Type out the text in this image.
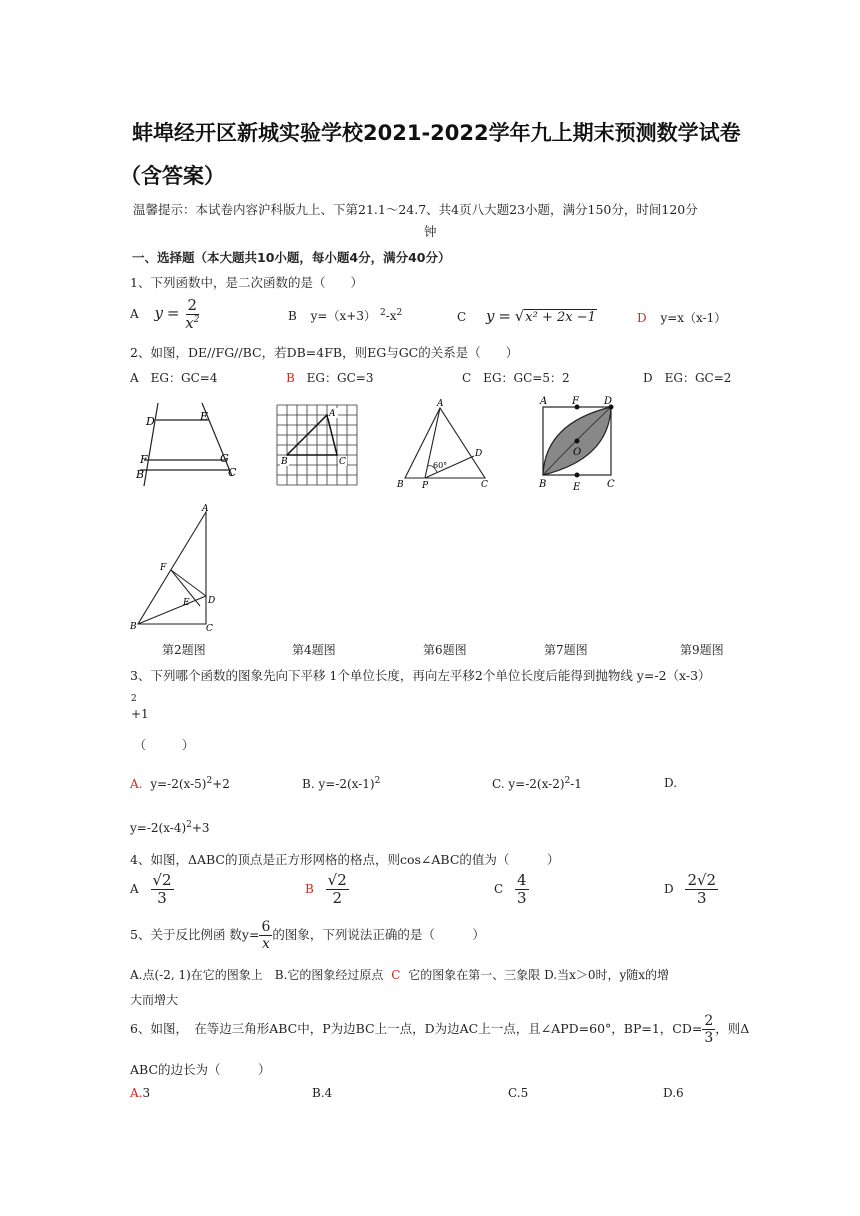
蚌埠经开区新城实验学校2021-2022学年九上期末预测数学试卷
（含答案）
温馨提示：本试卷内容沪科版九上、下第21.1～24.7、共4页八大题23小题，满分150分，时间120分
钟
一、选择题（本大题共10小题，每小题4分，满分40分）
1、下列函数中，是二次函数的是（　　）
A $y = \frac{2}{x^2}$	B y=（x+3） $^2-x^2$	C y = √x² + 2x −1	D y=x（x-1）
2、如图，DE//FG//BC，若DB=4FB，则EG与GC的关系是（　　）
A　EG：GC=4	B EG：GC=3	C　EG：GC=5：2	D　EG：GC=2
D	E
F	G
B	C
A
B	C
A
D
60°
B P	C
A F	D
O
B	E	C
A
F
E D
B	C
第2题图	第4题图	第6题图	第7题图	第9题图
3、下列哪个函数的图象先向下平移 1个单位长度，再向左平移2个单位长度后能得到抛物线 y=-2（x-3）
2
+1
（　　　）
A. $y=-2(x-5)^2+2$	B. $y=-2(x-1)^2$	C. $y=-2(x-2)^2-1$	D.
$y=-2(x-4)^2+3$
4、如图，ΔABC的顶点是正方形网格的格点，则cos∠ABC的值为（　　　）
A $\frac{√2}{3}$	B $\frac{√2}{2}$	C $\frac{4}{3}$	D $\frac{2√2}{3}$
5、关于反比例函 数$y= \frac{6}{x}$ 的图象，下列说法正确的是（　　　）
A.点(-2, 1)在它的图象上　B.它的图象经过原点 C 它的图象在第一、三象限 D.当x＞0时，y随x的增
大而增大
6、如图，　在等边三角形ABC中，P为边BC上一点，D为边AC上一点，且∠APD=60°，BP=1，$CD= \frac{2}{3}$ ，则Δ
ABC的边长为（　　　）
A.3	B.4	C.5	D.6
